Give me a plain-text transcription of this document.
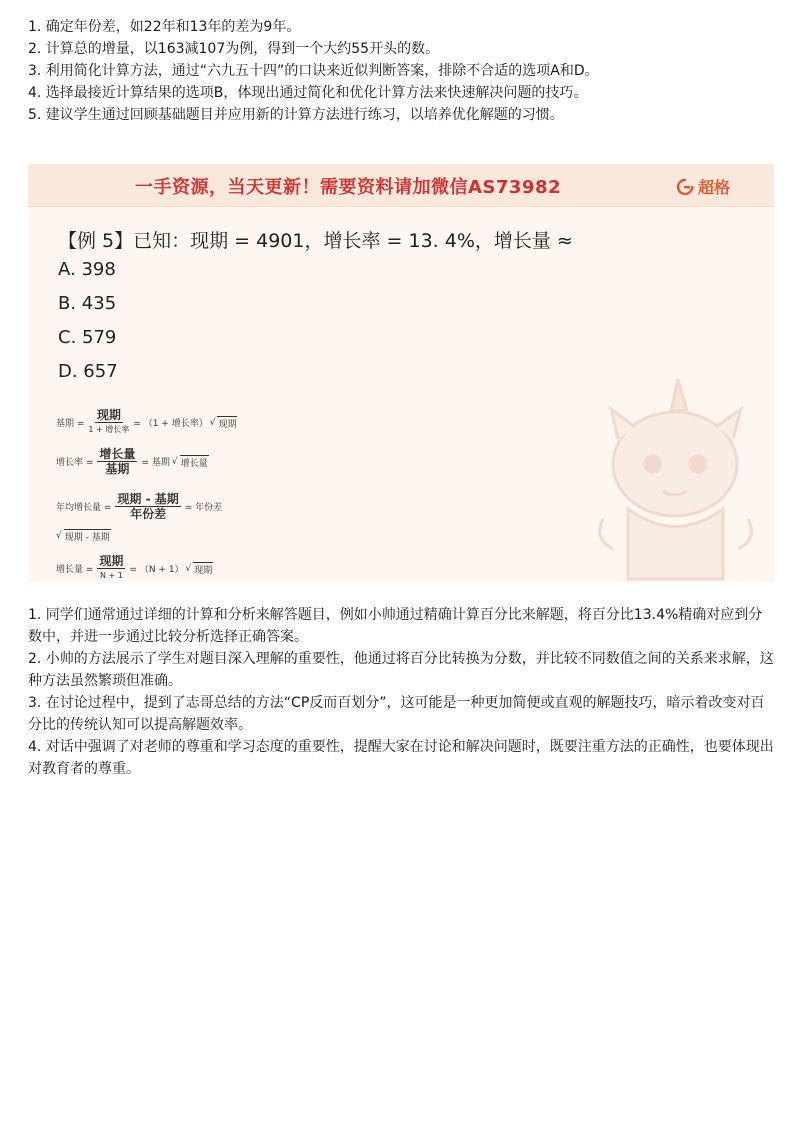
1. 确定年份差，如22年和13年的差为9年。

2. 计算总的增量，以163减107为例，得到一个大约55开头的数。

3. 利用简化计算方法，通过“六九五十四”的口诀来近似判断答案，排除不合适的选项A和D。

4. 选择最接近计算结果的选项B，体现出通过简化和优化计算方法来快速解决问题的技巧。

5. 建议学生通过回顾基础题目并应用新的计算方法进行练习，以培养优化解题的习惯。

一手资源，当天更新！需要资料请加微信AS73982	超格
【例 5】已知：现期 = 4901，增长率 = 13. 4%，增长量 ≈
A. 398
B. 435
C. 579
D. 657
基期 = $\frac{\text{现期}}{\text{1 + 增长率}} = (1$ + 增长率） √ 现期
增长率 = $\frac{\text{增长量}}{\text{基期}}$ = 基期 √ 增长量
年均增长量 = $\frac{\text{现期 - 基期}}{\text{年份差}}$ = 年份差
√ 现期 - 基期
增长量 = $\frac{\text{现期}}{N + 1} = (N + 1)$ √ 现期

1. 同学们通常通过详细的计算和分析来解答题目，例如小帅通过精确计算百分比来解题，将百分比13.4%精确对应到分数中，并进一步通过比较分析选择正确答案。

2. 小帅的方法展示了学生对题目深入理解的重要性，他通过将百分比转换为分数，并比较不同数值之间的关系来求解，这种方法虽然繁琐但准确。

3. 在讨论过程中，提到了志哥总结的方法“CP反而百划分”，这可能是一种更加简便或直观的解题技巧，暗示着改变对百分比的传统认知可以提高解题效率。

4. 对话中强调了对老师的尊重和学习态度的重要性，提醒大家在讨论和解决问题时，既要注重方法的正确性，也要体现出对教育者的尊重。
